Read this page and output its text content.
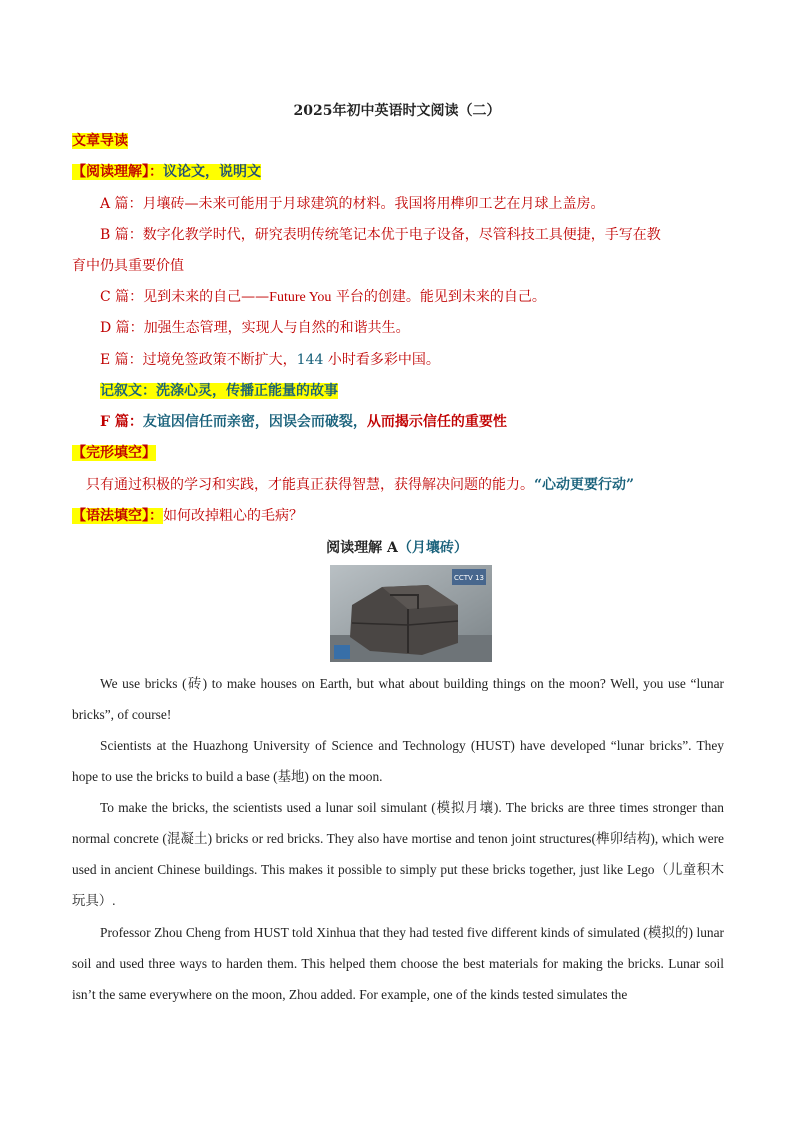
2025年初中英语时文阅读（二）
文章导读
【阅读理解】：议论文，说明文
A 篇：月壤砖—未来可能用于月球建筑的材料。我国将用榫卯工艺在月球上盖房。
B 篇：数字化教学时代，研究表明传统笔记本优于电子设备，尽管科技工具便捷，手写在教
育中仍具重要价值
C 篇：见到未来的自己——Future You 平台的创建。能见到未来的自己。
D 篇：加强生态管理，实现人与自然的和谐共生。
E 篇：过境免签政策不断扩大，144 小时看多彩中国。
记叙文：洗涤心灵，传播正能量的故事
F 篇：友谊因信任而亲密，因误会而破裂，从而揭示信任的重要性
【完形填空】
只有通过积极的学习和实践，才能真正获得智慧，获得解决问题的能力。“心动更要行动”
【语法填空】：如何改掉粗心的毛病？
阅读理解 A（月壤砖）
CCTV 13
We use bricks (砖) to make houses on Earth, but what about building things on the moon? Well, you use “lunar bricks”, of course!
Scientists at the Huazhong University of Science and Technology (HUST) have developed “lunar bricks”. They hope to use the bricks to build a base (基地) on the moon.
To make the bricks, the scientists used a lunar soil simulant (模拟月壤). The bricks are three times stronger than normal concrete (混凝土) bricks or red bricks. They also have mortise and tenon joint structures(榫卯结构), which were used in ancient Chinese buildings. This makes it possible to simply put these bricks together, just like Lego（儿童积木玩具）.
Professor Zhou Cheng from HUST told Xinhua that they had tested five different kinds of simulated (模拟的) lunar soil and used three ways to harden them. This helped them choose the best materials for making the bricks. Lunar soil isn’t the same everywhere on the moon, Zhou added. For example, one of the kinds tested simulates the
